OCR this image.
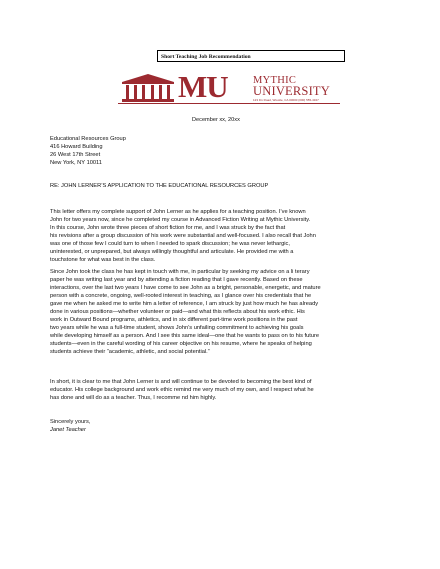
Short Teaching Job Recommendation
MU MYTHIC
UNIVERSITY
123 Fix Road, Wrestle, CA 00000 (000) 555-4327
December xx, 20xx
Educational Resources Group
416 Howard Building
26 West 17th Street
New York, NY 10011
RE: JOHN LERNER’S APPLICATION TO THE EDUCATIONAL RESOURCES GROUP
This letter offers my complete support of John Lerner as he applies for a teaching position. I’ve known
John for two years now, since he completed my course in Advanced Fiction Writing at Mythic University.
In this course, John wrote three pieces of short fiction for me, and I was struck by the fact that
his revisions after a group discussion of his work were substantial and well-focused. I also recall that John
was one of those few I could turn to when I needed to spark discussion; he was never lethargic,
uninterested, or unprepared, but always willingly thoughtful and articulate. He provided me with a
touchstone for what was best in the class.
Since John took the class he has kept in touch with me, in particular by seeking my advice on a li terary
paper he was writing last year and by attending a fiction reading that I gave recently. Based on these
interactions, over the last two years I have come to see John as a bright, personable, energetic, and mature
person with a concrete, ongoing, well-rooted interest in teaching, as I glance over his credentials that he
gave me when he asked me to write him a letter of reference, I am struck by just how much he has already
done in various positions—whether volunteer or paid—and what this reflects about his work ethic. His
work in Outward Bound programs, athletics, and in six different part-time work positions in the past
two years while he was a full-time student, shows John’s unfailing commitment to achieving his goals
while developing himself as a person. And I see this same ideal—one that he wants to pass on to his future
students—even in the careful wording of his career objective on his resume, where he speaks of helping
students achieve their “academic, athletic, and social potential.”
In short, it is clear to me that John Lerner is and will continue to be devoted to becoming the best kind of
educator. His college background and work ethic remind me very much of my own, and I respect what he
has done and will do as a teacher. Thus, I recomme nd him highly.
Sincerely yours,
Janet Teacher
